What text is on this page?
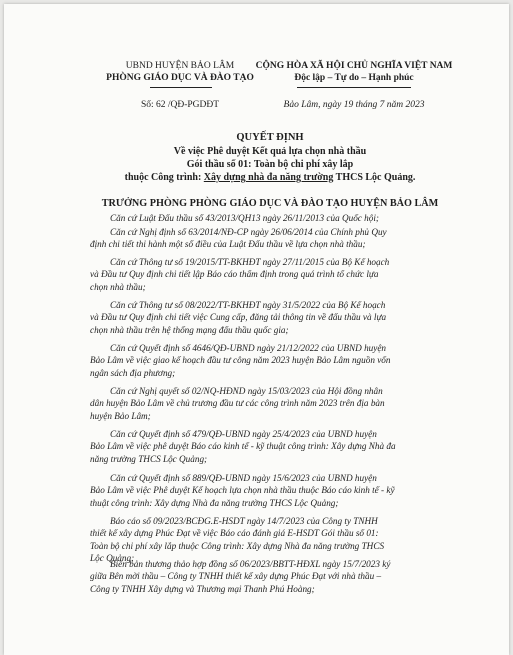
UBND HUYỆN BẢO LÂM
PHÒNG GIÁO DỤC VÀ ĐÀO TẠO
Số: 62 /QĐ-PGDĐT
CỘNG HÒA XÃ HỘI CHỦ NGHĨA VIỆT NAM
Độc lập – Tự do – Hạnh phúc
Bảo Lâm, ngày 19 tháng 7 năm 2023
QUYẾT ĐỊNH
Về việc Phê duyệt Kết quả lựa chọn nhà thầu
Gói thầu số 01: Toàn bộ chi phí xây lắp
thuộc Công trình: Xây dựng nhà đa năng trường THCS Lộc Quảng.
TRƯỞNG PHÒNG PHÒNG GIÁO DỤC VÀ ĐÀO TẠO HUYỆN BẢO LÂM
Căn cứ Luật Đấu thầu số 43/2013/QH13 ngày 26/11/2013 của Quốc hội;
Căn cứ Nghị định số 63/2014/NĐ-CP ngày 26/06/2014 của Chính phủ Quy
định chi tiết thi hành một số điều của Luật Đấu thầu về lựa chọn nhà thầu;
Căn cứ Thông tư số 19/2015/TT-BKHĐT ngày 27/11/2015 của Bộ Kế hoạch
và Đầu tư Quy định chi tiết lập Báo cáo thẩm định trong quá trình tổ chức lựa
chọn nhà thầu;
Căn cứ Thông tư số 08/2022/TT-BKHĐT ngày 31/5/2022 của Bộ Kế hoạch
và Đầu tư Quy định chi tiết việc Cung cấp, đăng tải thông tin về đấu thầu và lựa
chọn nhà thầu trên hệ thống mạng đấu thầu quốc gia;
Căn cứ Quyết định số 4646/QĐ-UBND ngày 21/12/2022 của UBND huyện
Bảo Lâm về việc giao kế hoạch đầu tư công năm 2023 huyện Bảo Lâm nguồn vốn
ngân sách địa phương;
Căn cứ Nghị quyết số 02/NQ-HĐND ngày 15/03/2023 của Hội đồng nhân
dân huyện Bảo Lâm về chủ trương đầu tư các công trình năm 2023 trên địa bàn
huyện Bảo Lâm;
Căn cứ Quyết định số 479/QĐ-UBND ngày 25/4/2023 của UBND huyện
Bảo Lâm về việc phê duyệt Báo cáo kinh tế - kỹ thuật công trình: Xây dựng Nhà đa
năng trường THCS Lộc Quảng;
Căn cứ Quyết định số 889/QĐ-UBND ngày 15/6/2023 của UBND huyện
Bảo Lâm về việc Phê duyệt Kế hoạch lựa chọn nhà thầu thuộc Báo cáo kinh tế - kỹ
thuật công trình: Xây dựng Nhà đa năng trường THCS Lộc Quảng;
Báo cáo số 09/2023/BCĐG.E-HSDT ngày 14/7/2023 của Công ty TNHH
thiết kế xây dựng Phúc Đạt về việc Báo cáo đánh giá E-HSDT Gói thầu số 01:
Toàn bộ chi phí xây lắp thuộc Công trình: Xây dựng Nhà đa năng trường THCS
Lộc Quảng;
Biên bản thương thảo hợp đồng số 06/2023/BBTT-HĐXL ngày 15/7/2023 ký
giữa Bên mời thầu – Công ty TNHH thiết kế xây dựng Phúc Đạt với nhà thầu –
Công ty TNHH Xây dựng và Thương mại Thanh Phú Hoàng;
